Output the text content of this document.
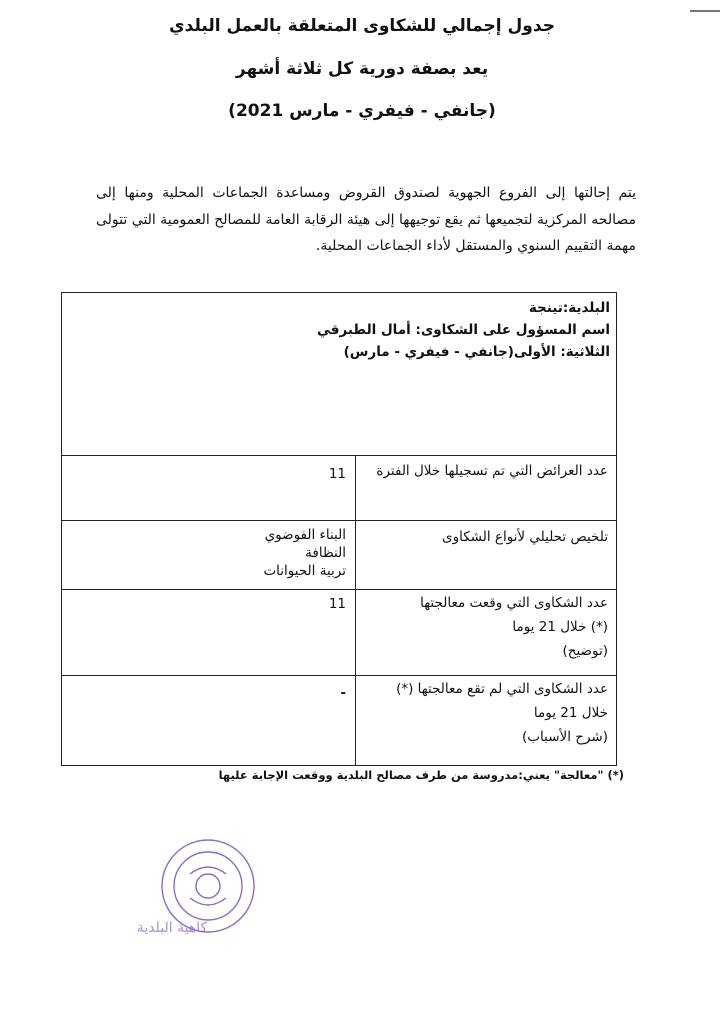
جدول إجمالي للشكاوى المتعلقة بالعمل البلدي
يعد بصفة دورية كل ثلاثة أشهر
(جانفي - فيفري - مارس 2021)

يتم إحالتها إلى الفروع الجهوية لصندوق القروض ومساعدة الجماعات المحلية ومنها إلى مصالحه المركزية لتجميعها ثم يقع توجيهها إلى هيئة الرقابة العامة للمصالح العمومية التي تتولى مهمة التقييم السنوي والمستقل لأداء الجماعات المحلية.

البلدية:تينجة
اسم المسؤول على الشكاوى: أمال الطبرقي
الثلاثية: الأولى(جانفي - فيفري - مارس)
عدد العرائض التي تم تسجيلها خلال الفترة
11
تلخيص تحليلي لأنواع الشكاوى
البناء الفوضوي
النظافة
تربية الحيوانات
عدد الشكاوى التي وقعت معالجتها
(*) خلال 21 يوما
(توضيح)
11
عدد الشكاوى التي لم تقع معالجتها (*)
خلال 21 يوما
(شرح الأسباب)
-
(*) "معالجة" يعني:مدروسة من طرف مصالح البلدية ووقعت الإجابة عليها
كاهية البلدية
